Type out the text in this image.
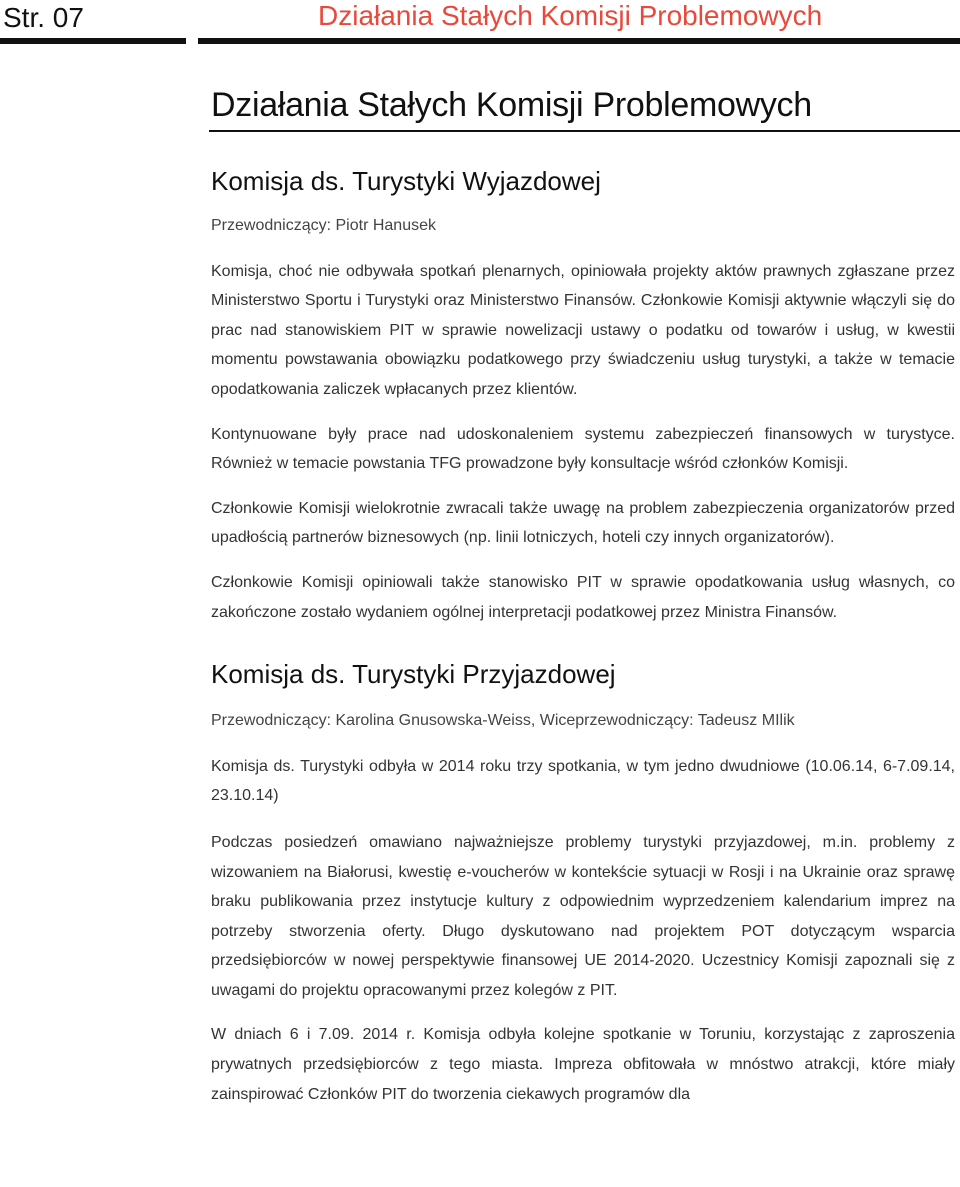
Str. 07	Działania Stałych Komisji Problemowych
Działania Stałych Komisji Problemowych
Komisja ds. Turystyki Wyjazdowej
Przewodniczący: Piotr Hanusek

Komisja, choć nie odbywała spotkań plenarnych, opiniowała projekty aktów prawnych zgłaszane przez Ministerstwo Sportu i Turystyki oraz Ministerstwo Finansów. Członkowie Komisji aktywnie włączyli się do prac nad stanowiskiem PIT w sprawie nowelizacji ustawy o podatku od towarów i usług, w kwestii momentu powstawania obowiązku podatkowego przy świadczeniu usług turystyki, a także w temacie opodatkowania zaliczek wpłacanych przez klientów.

Kontynuowane były prace nad udoskonaleniem systemu zabezpieczeń finansowych w turystyce. Również w temacie powstania TFG prowadzone były konsultacje wśród członków Komisji.

Członkowie Komisji wielokrotnie zwracali także uwagę na problem zabezpieczenia organizatorów przed upadłością partnerów biznesowych (np. linii lotniczych, hoteli czy innych organizatorów).

Członkowie Komisji opiniowali także stanowisko PIT w sprawie opodatkowania usług własnych, co zakończone zostało wydaniem ogólnej interpretacji podatkowej przez Ministra Finansów.

Komisja ds. Turystyki Przyjazdowej
Przewodniczący: Karolina Gnusowska-Weiss, Wiceprzewodniczący: Tadeusz MIlik

Komisja ds. Turystyki odbyła w 2014 roku trzy spotkania, w tym jedno dwudniowe (10.06.14, 6-7.09.14, 23.10.14)

Podczas posiedzeń omawiano najważniejsze problemy turystyki przyjazdowej, m.in. problemy z wizowaniem na Białorusi, kwestię e-voucherów w kontekście sytuacji w Rosji i na Ukrainie oraz sprawę braku publikowania przez instytucje kultury z odpowiednim wyprzedzeniem kalendarium imprez na potrzeby stworzenia oferty. Długo dyskutowano nad projektem POT dotyczącym wsparcia przedsiębiorców w nowej perspektywie finansowej UE 2014-2020. Uczestnicy Komisji zapoznali się z uwagami do projektu opracowanymi przez kolegów z PIT.

W dniach 6 i 7.09. 2014 r. Komisja odbyła kolejne spotkanie w Toruniu, korzystając z zaproszenia prywatnych przedsiębiorców z tego miasta. Impreza obfitowała w mnóstwo atrakcji, które miały zainspirować Członków PIT do tworzenia ciekawych programów dla
